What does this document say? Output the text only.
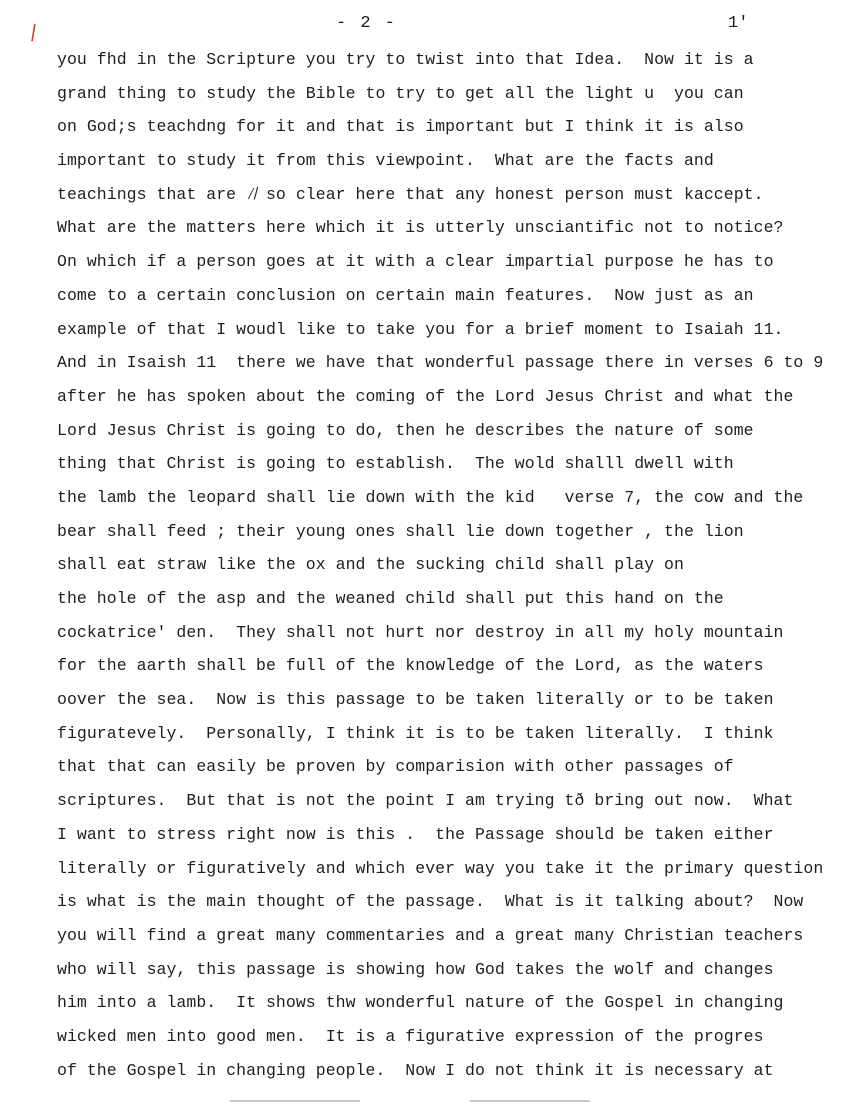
/	- 2 -	1'
you fhd in the Scripture you try to twist into that Idea.  Now it is a
grand thing to study the Bible to try to get all the light u  you can
on God;s teachdng for it and that is important but I think it is also
important to study it from this viewpoint.  What are the facts and
teachings that are ⁄̸ so clear here that any honest person must kaccept.
What are the matters here which it is utterly unsciantific not to notice?
On which if a person goes at it with a clear impartial purpose he has to
come to a certain conclusion on certain main features.  Now just as an
example of that I woudl like to take you for a brief moment to Isaiah 11.
And in Isaish 11  there we have that wonderful passage there in verses 6 to 9
after he has spoken about the coming of the Lord Jesus Christ and what the
Lord Jesus Christ is going to do, then he describes the nature of some
thing that Christ is going to establish.  The wold shalll dwell with
the lamb the leopard shall lie down with the kid   verse 7, the cow and the
bear shall feed ; their young ones shall lie down together , the lion
shall eat straw like the ox and the sucking child shall play on
the hole of the asp and the weaned child shall put this hand on the
cockatrice' den.  They shall not hurt nor destroy in all my holy mountain
for the aarth shall be full of the knowledge of the Lord, as the waters
oover the sea.  Now is this passage to be taken literally or to be taken
figuratevely.  Personally, I think it is to be taken literally.  I think
that that can easily be proven by comparision with other passages of
scriptures.  But that is not the point I am trying tð bring out now.  What
I want to stress right now is this .  the Passage should be taken either
literally or figuratively and which ever way you take it the primary question
is what is the main thought of the passage.  What is it talking about?  Now
you will find a great many commentaries and a great many Christian teachers
who will say, this passage is showing how God takes the wolf and changes
him into a lamb.  It shows thw wonderful nature of the Gospel in changing
wicked men into good men.  It is a figurative expression of the progres
of the Gospel in changing people.  Now I do not think it is necessary at
